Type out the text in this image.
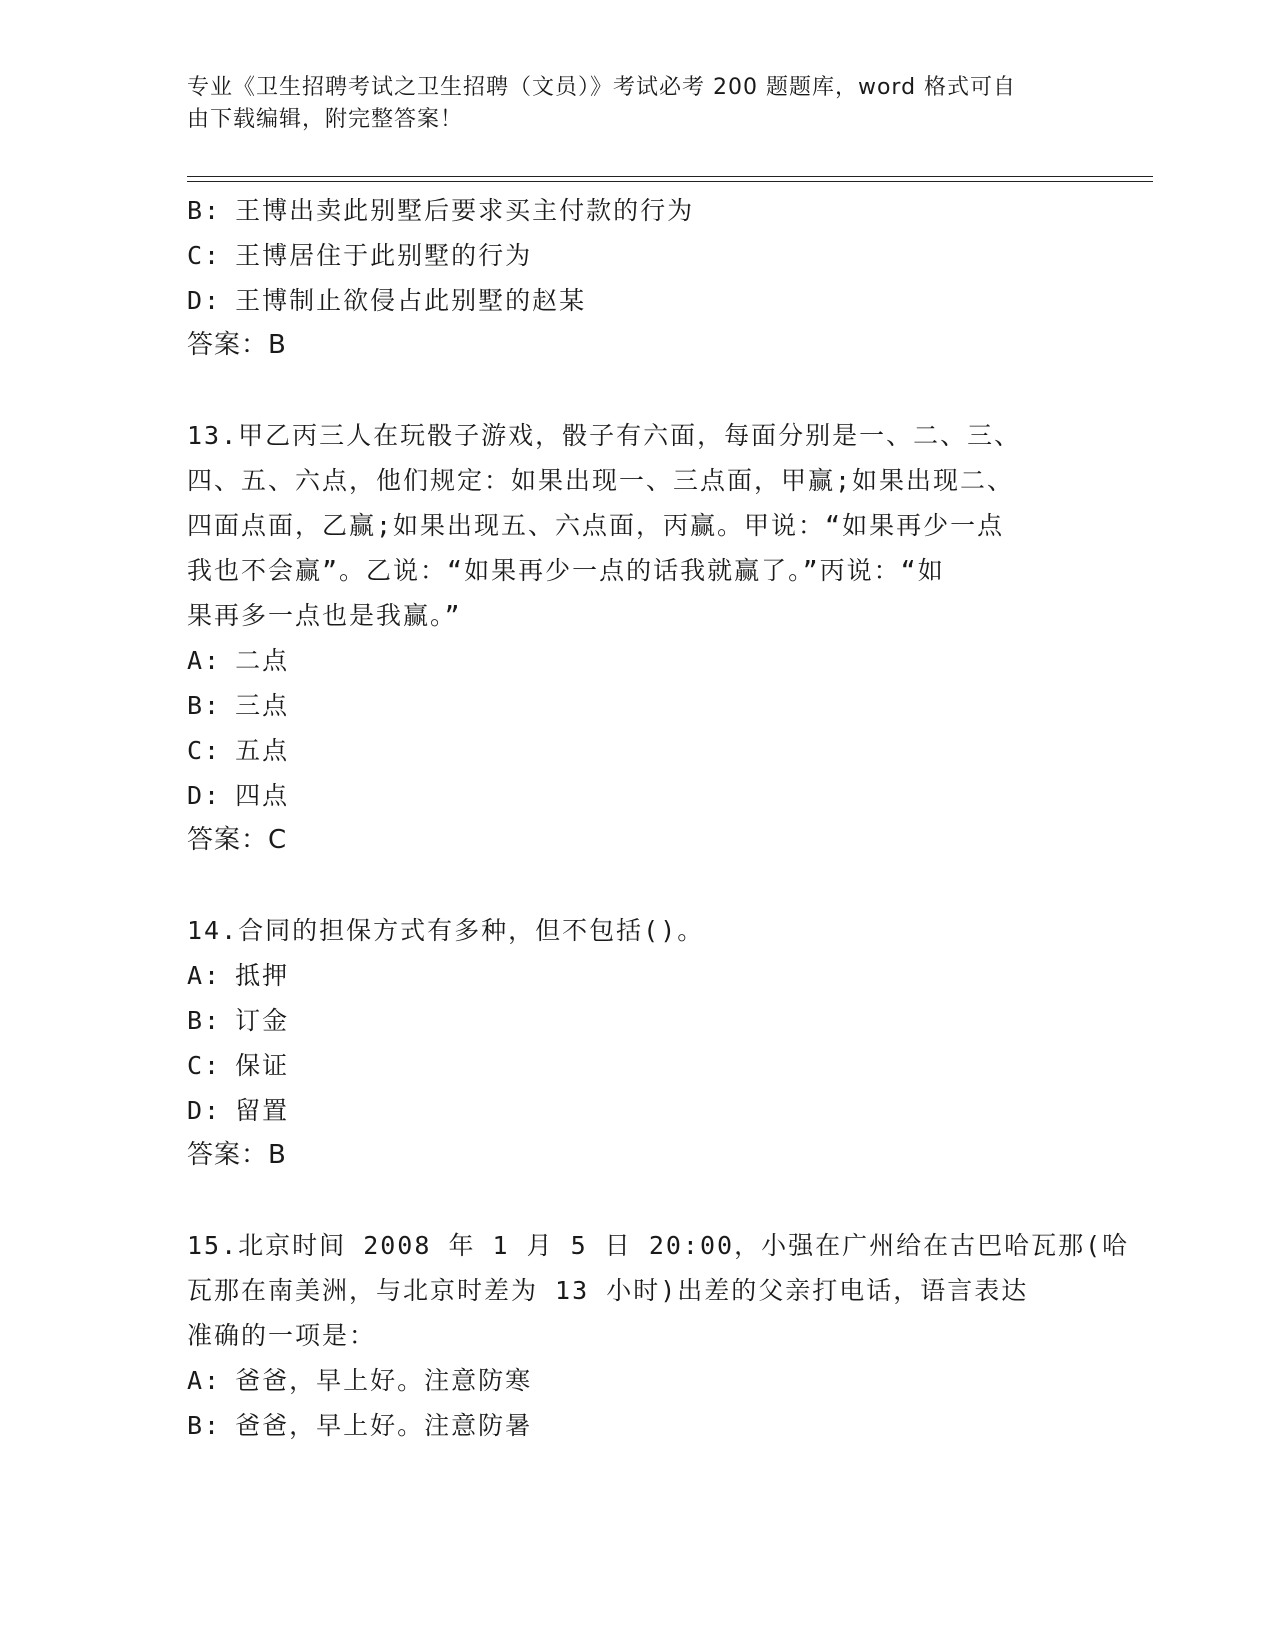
专业《卫生招聘考试之卫生招聘（文员）》考试必考 200 题题库，word 格式可自
由下载编辑，附完整答案！
B: 王博出卖此别墅后要求买主付款的行为
C: 王博居住于此别墅的行为
D: 王博制止欲侵占此别墅的赵某
答案：B
13.甲乙丙三人在玩骰子游戏，骰子有六面，每面分别是一、二、三、
四、五、六点，他们规定：如果出现一、三点面，甲赢;如果出现二、
四面点面，乙赢;如果出现五、六点面，丙赢。甲说：“如果再少一点
我也不会赢”。乙说：“如果再少一点的话我就赢了。”丙说：“如
果再多一点也是我赢。”
A: 二点
B: 三点
C: 五点
D: 四点
答案：C
14.合同的担保方式有多种，但不包括()。
A: 抵押
B: 订金
C: 保证
D: 留置
答案：B
15.北京时间 2008 年 1 月 5 日 20:00，小强在广州给在古巴哈瓦那(哈
瓦那在南美洲，与北京时差为 13 小时)出差的父亲打电话，语言表达
准确的一项是：
A: 爸爸，早上好。注意防寒
B: 爸爸，早上好。注意防暑
